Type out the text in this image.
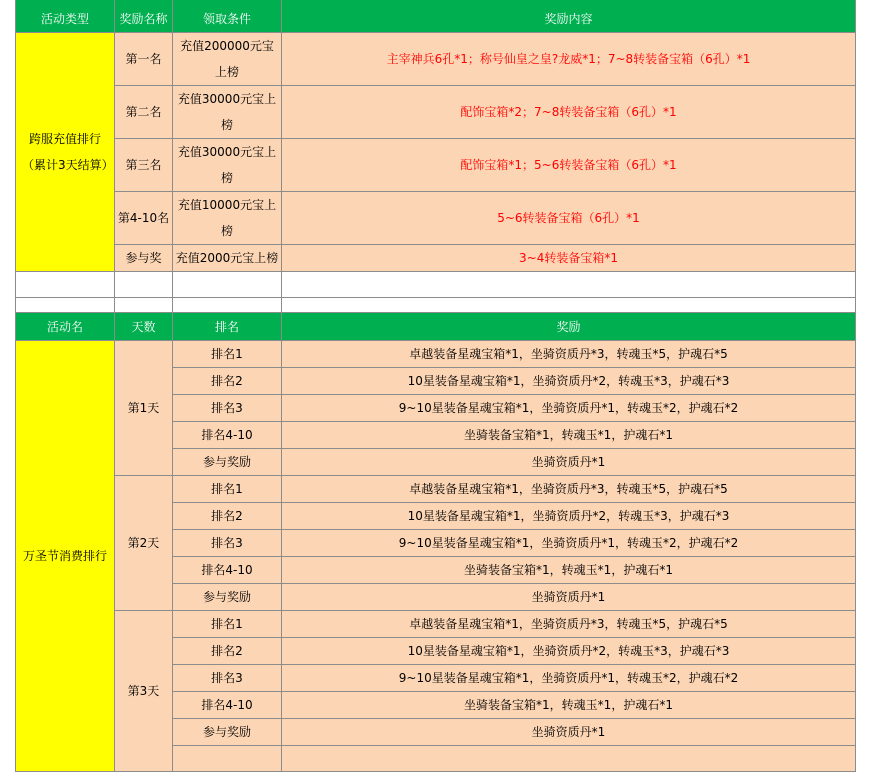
活动类型	奖励名称	领取条件	奖励内容
跨服充值排行（累计3天结算）	第一名	充值200000元宝上榜	主宰神兵6孔*1；称号仙皇之皇?龙威*1；7~8转装备宝箱（6孔）*1
	第二名	充值30000元宝上榜	配饰宝箱*2；7~8转装备宝箱（6孔）*1
	第三名	充值30000元宝上榜	配饰宝箱*1；5~6转装备宝箱（6孔）*1
	第4-10名	充值10000元宝上榜	5~6转装备宝箱（6孔）*1
	参与奖	充值2000元宝上榜	3~4转装备宝箱*1

活动名	天数	排名	奖励
万圣节消费排行	第1天	排名1	卓越装备星魂宝箱*1，坐骑资质丹*3，转魂玉*5，护魂石*5
		排名2	10星装备星魂宝箱*1，坐骑资质丹*2，转魂玉*3，护魂石*3
		排名3	9~10星装备星魂宝箱*1，坐骑资质丹*1，转魂玉*2，护魂石*2
		排名4-10	坐骑装备宝箱*1，转魂玉*1，护魂石*1
		参与奖励	坐骑资质丹*1
	第2天	排名1	卓越装备星魂宝箱*1，坐骑资质丹*3，转魂玉*5，护魂石*5
		排名2	10星装备星魂宝箱*1，坐骑资质丹*2，转魂玉*3，护魂石*3
		排名3	9~10星装备星魂宝箱*1，坐骑资质丹*1，转魂玉*2，护魂石*2
		排名4-10	坐骑装备宝箱*1，转魂玉*1，护魂石*1
		参与奖励	坐骑资质丹*1
	第3天	排名1	卓越装备星魂宝箱*1，坐骑资质丹*3，转魂玉*5，护魂石*5
		排名2	10星装备星魂宝箱*1，坐骑资质丹*2，转魂玉*3，护魂石*3
		排名3	9~10星装备星魂宝箱*1，坐骑资质丹*1，转魂玉*2，护魂石*2
		排名4-10	坐骑装备宝箱*1，转魂玉*1，护魂石*1
		参与奖励	坐骑资质丹*1
